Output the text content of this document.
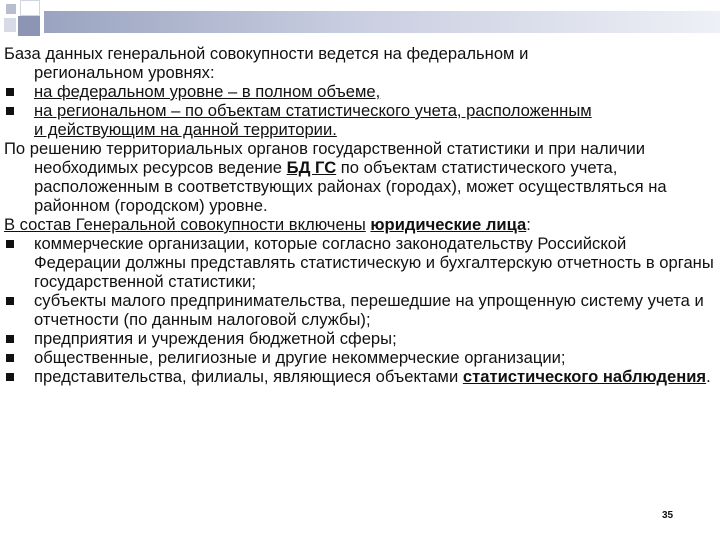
База данных генеральной совокупности ведется на федеральном и

региональном уровнях:

на федеральном уровне – в полном объеме,

на региональном – по объектам статистического учета, расположенным

и действующим на данной территории.

По решению территориальных органов государственной статистики и при наличии необходимых ресурсов ведение БД ГС по объектам статистического учета, расположенным в соответствующих районах (городах), может осуществляться на районном (городском) уровне.

В состав Генеральной совокупности включены юридические лица:

коммерческие организации, которые согласно законодательству Российской Федерации должны представлять статистическую и бухгалтерскую отчетность в органы государственной статистики;

субъекты малого предпринимательства, перешедшие на упрощенную систему учета и отчетности (по данным налоговой службы);

предприятия и учреждения бюджетной сферы;

общественные, религиозные и другие некоммерческие организации;

представительства, филиалы, являющиеся объектами статистического наблюдения.

35
